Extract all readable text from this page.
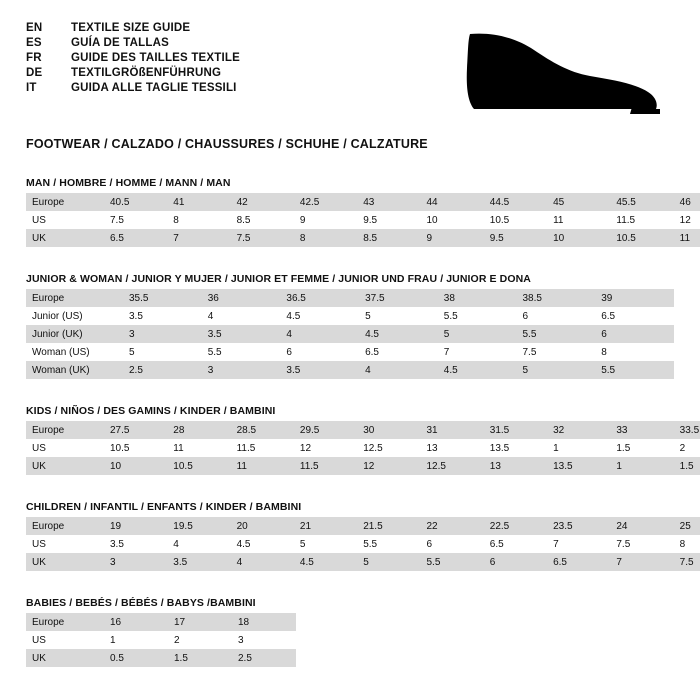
EN	TEXTILE SIZE GUIDE
ES	GUÍA DE TALLAS
FR	GUIDE DES TAILLES TEXTILE
DE	TEXTILGRÖßENFÜHRUNG
IT	GUIDA ALLE TAGLIE TESSILI
FOOTWEAR / CALZADO / CHAUSSURES / SCHUHE / CALZATURE
MAN / HOMBRE / HOMME / MANN / MAN
Europe	40.5	41	42	42.5	43	44	44.5	45	45.5	46
US	7.5	8	8.5	9	9.5	10	10.5	11	11.5	12
UK	6.5	7	7.5	8	8.5	9	9.5	10	10.5	11
JUNIOR & WOMAN / JUNIOR Y MUJER / JUNIOR ET FEMME / JUNIOR UND FRAU / JUNIOR E DONA
Europe	35.5	36	36.5	37.5	38	38.5	39
Junior (US)	3.5	4	4.5	5	5.5	6	6.5
Junior (UK)	3	3.5	4	4.5	5	5.5	6
Woman (US)	5	5.5	6	6.5	7	7.5	8
Woman (UK)	2.5	3	3.5	4	4.5	5	5.5
KIDS / NIÑOS / DES GAMINS / KINDER / BAMBINI
Europe	27.5	28	28.5	29.5	30	31	31.5	32	33	33.5
US	10.5	11	11.5	12	12.5	13	13.5	1	1.5	2
UK	10	10.5	11	11.5	12	12.5	13	13.5	1	1.5
CHILDREN / INFANTIL / ENFANTS / KINDER / BAMBINI
Europe	19	19.5	20	21	21.5	22	22.5	23.5	24	25
US	3.5	4	4.5	5	5.5	6	6.5	7	7.5	8
UK	3	3.5	4	4.5	5	5.5	6	6.5	7	7.5
BABIES / BEBÉS / BÉBÉS / BABYS /BAMBINI
Europe	16	17	18
US	1	2	3
UK	0.5	1.5	2.5
